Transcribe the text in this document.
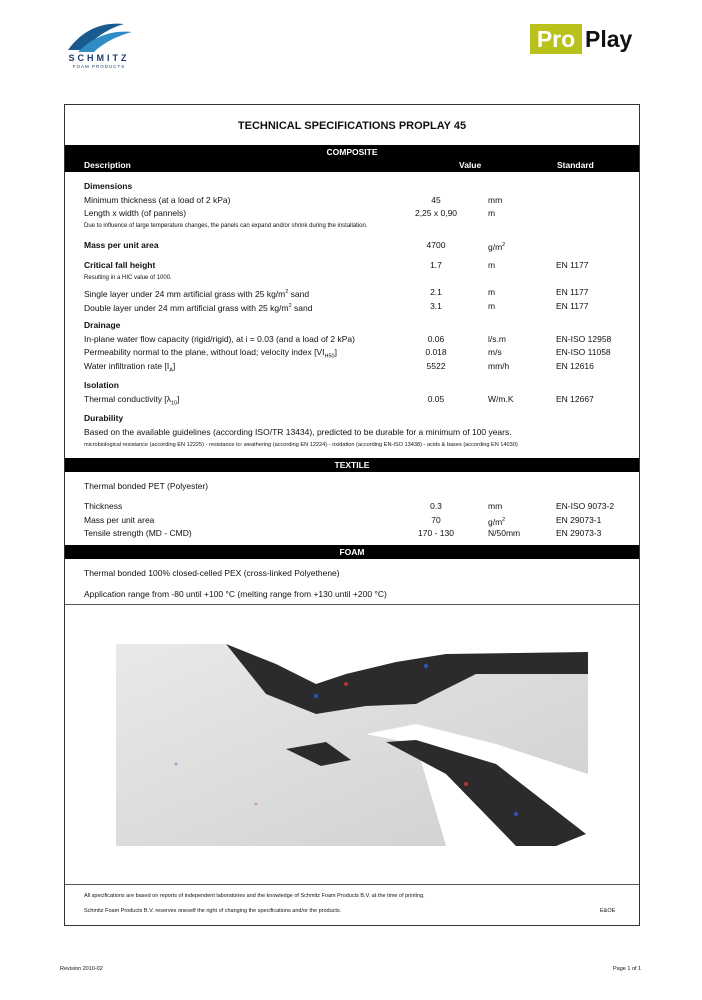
SCHMITZ
FOAM PRODUCTS
Pro Play
TECHNICAL SPECIFICATIONS PROPLAY 45
COMPOSITE
Description	Value	Standard
Dimensions
Minimum thickness (at a load of 2 kPa)	45	mm
Length x width (of pannels)	2,25 x 0,90	m
Due to influence of large temperature changes, the panels can expand and/or shrink during the installation.
Mass per unit area	4700	$g/m^2$
Critical fall height	1.7	m	EN 1177
Resulting in a HIC value of 1000.
Single layer under 24 mm artificial grass with 25 $kg/m^2$ sand	2.1	m	EN 1177
Double layer under 24 mm artificial grass with 25 $kg/m^2$ sand	3.1	m	EN 1177
Drainage
In-plane water flow capacity (rigid/rigid), at i = 0.03 (and a load of 2 kPa)	0.06	l/s.m	EN-ISO 12958
Permeability normal to the plane, without load; velocity index $[VI_{H50}]$	0.018	m/s	EN-ISO 11058
Water infiltration rate $[I_A]$	5522	mm/h	EN 12616
Isolation
Thermal conductivity $[\lambda_{10}]$	0.05	W/m.K	EN 12667
Durability
Based on the available guidelines (according ISO/TR 13434), predicted to be durable for a minimum of 100 years.
microbiological resistance (according EN 12225) - resistance to: weathering (according EN 12224) - oxidation (according EN-ISO 13438) - acids & bases (according EN 14030)
TEXTILE
Thermal bonded PET (Polyester)
Thickness	0.3	mm	EN-ISO 9073-2
Mass per unit area	70	$g/m^2$	EN 29073-1
Tensile strength (MD - CMD)	170 - 130	N/50mm	EN 29073-3
FOAM
Thermal bonded 100% closed-celled PEX (cross-linked Polyethene)
Application range from -80 until +100 °C (melting range from +130 until +200 °C)
All specifications are based on reports of independent laboratories and the knowledge of Schmitz Foam Products B.V. at the time of printing.
Schmitz Foam Products B.V. reserves oneself the right of changing the specifications and/or the products.	E&OE
Revision 2010-02	Page 1 of 1
